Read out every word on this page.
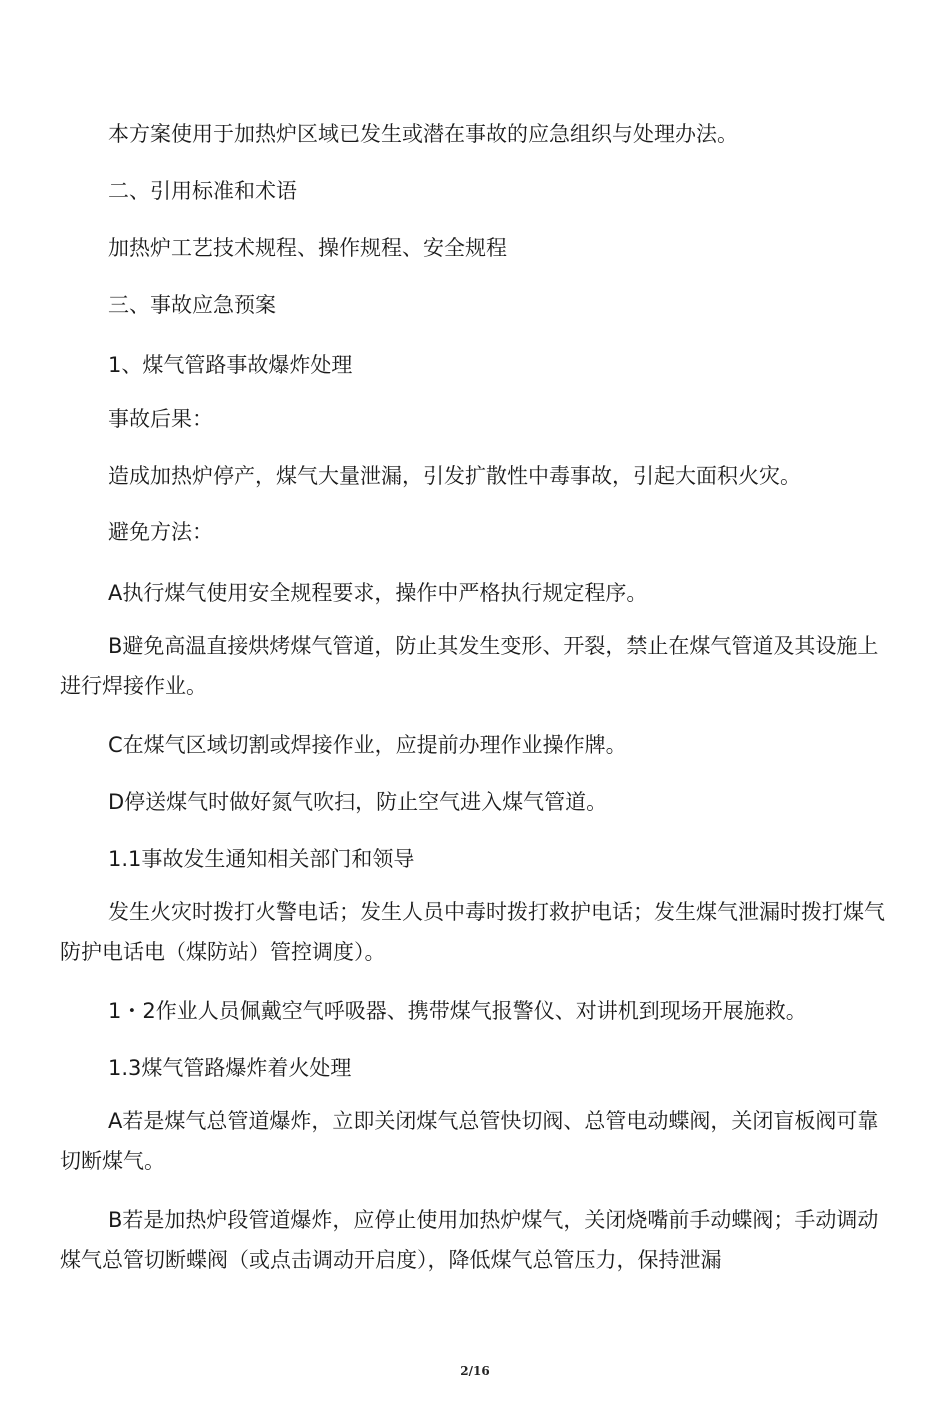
本方案使用于加热炉区域已发生或潜在事故的应急组织与处理办法。

二、引用标准和术语

加热炉工艺技术规程、操作规程、安全规程

三、事故应急预案

1、煤气管路事故爆炸处理

事故后果：

造成加热炉停产，煤气大量泄漏，引发扩散性中毒事故，引起大面积火灾。

避免方法：

A执行煤气使用安全规程要求，操作中严格执行规定程序。

B避免高温直接烘烤煤气管道，防止其发生变形、开裂，禁止在煤气管道及其设施上进行焊接作业。

C在煤气区域切割或焊接作业，应提前办理作业操作牌。

D停送煤气时做好氮气吹扫，防止空气进入煤气管道。

1.1事故发生通知相关部门和领导

发生火灾时拨打火警电话；发生人员中毒时拨打救护电话；发生煤气泄漏时拨打煤气防护电话电（煤防站）管控调度）。

1・2作业人员佩戴空气呼吸器、携带煤气报警仪、对讲机到现场开展施救。

1.3煤气管路爆炸着火处理

A若是煤气总管道爆炸，立即关闭煤气总管快切阀、总管电动蝶阀，关闭盲板阀可靠切断煤气。

B若是加热炉段管道爆炸，应停止使用加热炉煤气，关闭烧嘴前手动蝶阀；手动调动煤气总管切断蝶阀（或点击调动开启度），降低煤气总管压力，保持泄漏

2/16
